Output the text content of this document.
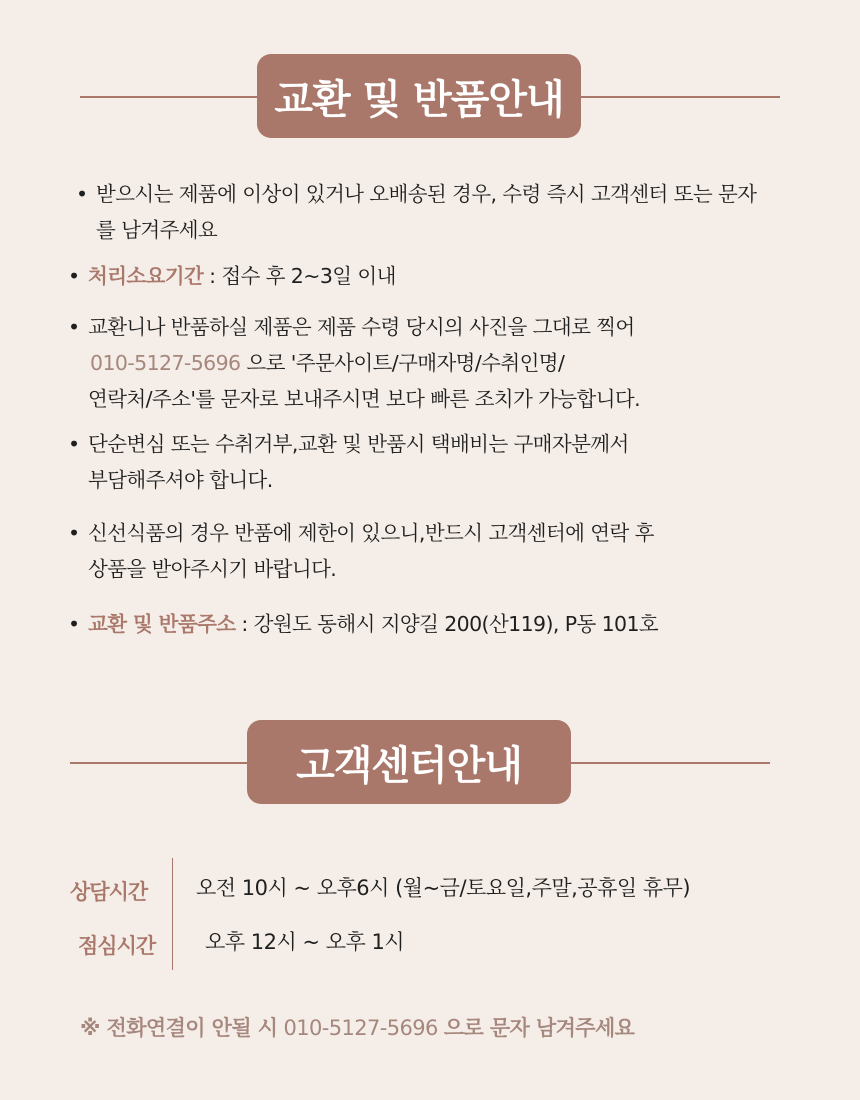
교환 및 반품안내
• 받으시는 제품에 이상이 있거나 오배송된 경우, 수령 즉시 고객센터 또는 문자
를 남겨주세요
• 처리소요기간 : 접수 후 2~3일 이내
• 교환니나 반품하실 제품은 제품 수령 당시의 사진을 그대로 찍어
010-5127-5696 으로 '주문사이트/구매자명/수취인명/
연락처/주소'를 문자로 보내주시면 보다 빠른 조치가 가능합니다.
• 단순변심 또는 수취거부,교환 및 반품시 택배비는 구매자분께서
부담해주셔야 합니다.
• 신선식품의 경우 반품에 제한이 있으니,반드시 고객센터에 연락 후
상품을 받아주시기 바랍니다.
• 교환 및 반품주소 : 강원도 동해시 지양길 200(산119), P동 101호
고객센터안내
상담시간 오전 10시 ~ 오후6시 (월~금/토요일,주말,공휴일 휴무)
점심시간 오후 12시 ~ 오후 1시
※ 전화연결이 안될 시 010-5127-5696 으로 문자 남겨주세요
